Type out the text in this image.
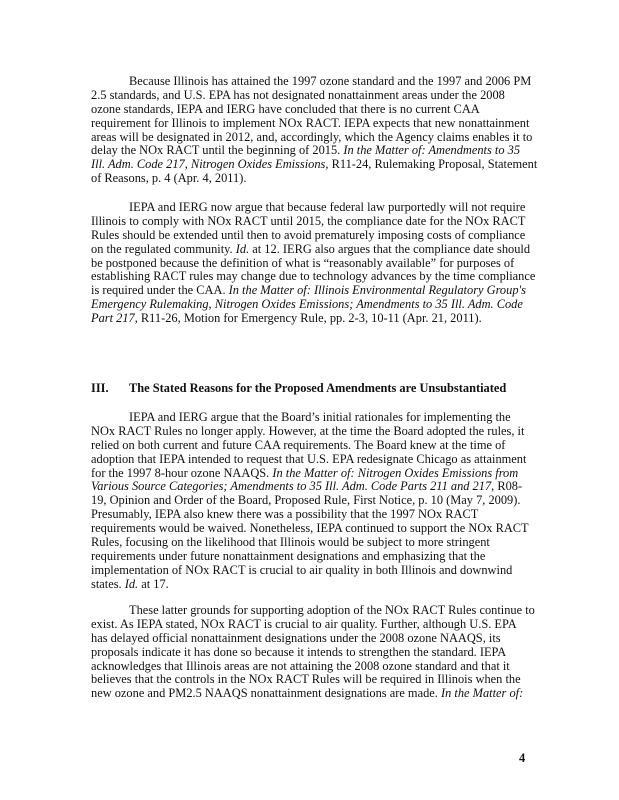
Because Illinois has attained the 1997 ozone standard and the 1997 and 2006 PM
2.5 standards, and U.S. EPA has not designated nonattainment areas under the 2008
ozone standards, IEPA and IERG have concluded that there is no current CAA
requirement for Illinois to implement NOx RACT. IEPA expects that new nonattainment
areas will be designated in 2012, and, accordingly, which the Agency claims enables it to
delay the NOx RACT until the beginning of 2015. In the Matter of: Amendments to 35
Ill. Adm. Code 217, Nitrogen Oxides Emissions, R11-24, Rulemaking Proposal, Statement
of Reasons, p. 4 (Apr. 4, 2011).
IEPA and IERG now argue that because federal law purportedly will not require
Illinois to comply with NOx RACT until 2015, the compliance date for the NOx RACT
Rules should be extended until then to avoid prematurely imposing costs of compliance
on the regulated community. Id. at 12. IERG also argues that the compliance date should
be postponed because the definition of what is “reasonably available” for purposes of
establishing RACT rules may change due to technology advances by the time compliance
is required under the CAA. In the Matter of: Illinois Environmental Regulatory Group's
Emergency Rulemaking, Nitrogen Oxides Emissions; Amendments to 35 Ill. Adm. Code
Part 217, R11-26, Motion for Emergency Rule, pp. 2-3, 10-11 (Apr. 21, 2011).
III. The Stated Reasons for the Proposed Amendments are Unsubstantiated
IEPA and IERG argue that the Board’s initial rationales for implementing the
NOx RACT Rules no longer apply. However, at the time the Board adopted the rules, it
relied on both current and future CAA requirements. The Board knew at the time of
adoption that IEPA intended to request that U.S. EPA redesignate Chicago as attainment
for the 1997 8-hour ozone NAAQS. In the Matter of: Nitrogen Oxides Emissions from
Various Source Categories; Amendments to 35 Ill. Adm. Code Parts 211 and 217, R08-
19, Opinion and Order of the Board, Proposed Rule, First Notice, p. 10 (May 7, 2009).
Presumably, IEPA also knew there was a possibility that the 1997 NOx RACT
requirements would be waived. Nonetheless, IEPA continued to support the NOx RACT
Rules, focusing on the likelihood that Illinois would be subject to more stringent
requirements under future nonattainment designations and emphasizing that the
implementation of NOx RACT is crucial to air quality in both Illinois and downwind
states. Id. at 17.
These latter grounds for supporting adoption of the NOx RACT Rules continue to
exist. As IEPA stated, NOx RACT is crucial to air quality. Further, although U.S. EPA
has delayed official nonattainment designations under the 2008 ozone NAAQS, its
proposals indicate it has done so because it intends to strengthen the standard. IEPA
acknowledges that Illinois areas are not attaining the 2008 ozone standard and that it
believes that the controls in the NOx RACT Rules will be required in Illinois when the
new ozone and PM2.5 NAAQS nonattainment designations are made. In the Matter of:
4
